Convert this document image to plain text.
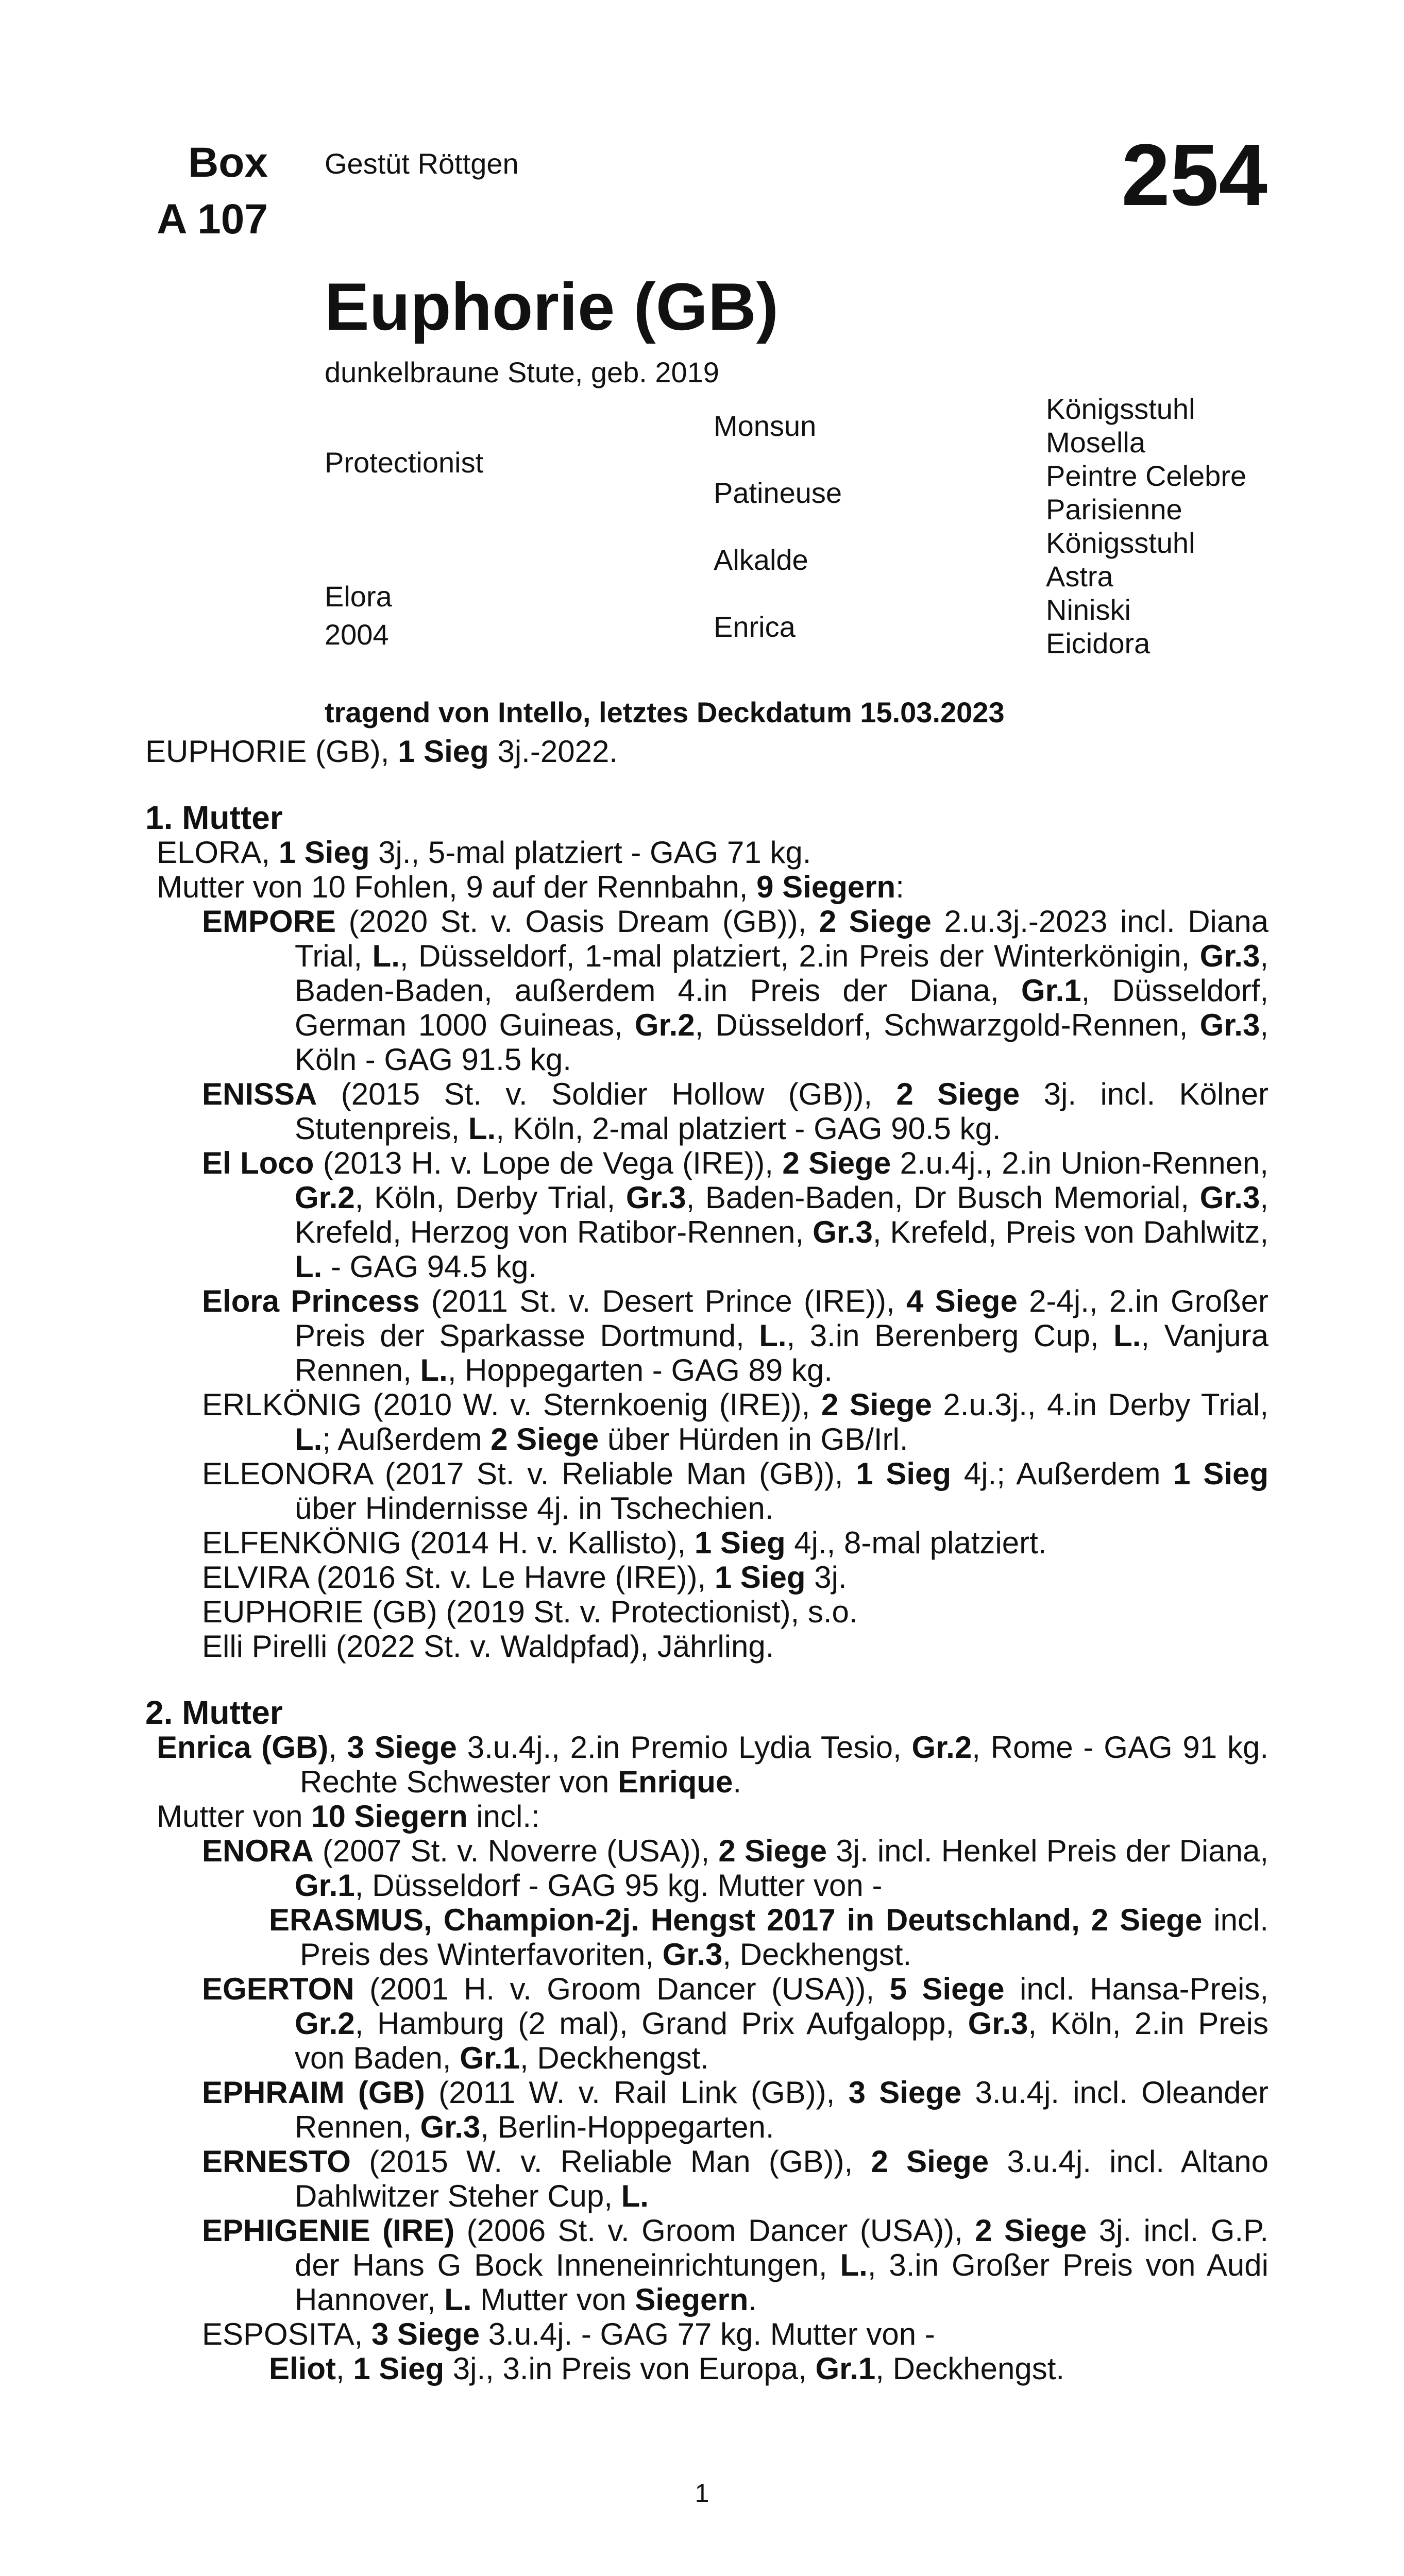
Box
A 107
Gestüt Röttgen	254
Euphorie (GB)
dunkelbraune Stute, geb. 2019
Protectionist
Elora
2004
Monsun
Patineuse
Alkalde
Enrica
Königsstuhl
Mosella
Peintre Celebre
Parisienne
Königsstuhl
Astra
Niniski
Eicidora
tragend von Intello, letztes Deckdatum 15.03.2023
EUPHORIE (GB), 1 Sieg 3j.-2022.
1. Mutter
ELORA, 1 Sieg 3j., 5-mal platziert - GAG 71 kg.
Mutter von 10 Fohlen, 9 auf der Rennbahn, 9 Siegern:
EMPORE (2020 St. v. Oasis Dream (GB)), 2 Siege 2.u.3j.-2023 incl. Diana Trial, L., Düsseldorf, 1-mal platziert, 2.in Preis der Winterkönigin, Gr.3, Baden-Baden, außerdem 4.in Preis der Diana, Gr.1, Düsseldorf, German 1000 Guineas, Gr.2, Düsseldorf, Schwarzgold-Rennen, Gr.3, Köln - GAG 91.5 kg.
ENISSA (2015 St. v. Soldier Hollow (GB)), 2 Siege 3j. incl. Kölner Stutenpreis, L., Köln, 2-mal platziert - GAG 90.5 kg.
El Loco (2013 H. v. Lope de Vega (IRE)), 2 Siege 2.u.4j., 2.in Union-Rennen, Gr.2, Köln, Derby Trial, Gr.3, Baden-Baden, Dr Busch Memorial, Gr.3, Krefeld, Herzog von Ratibor-Rennen, Gr.3, Krefeld, Preis von Dahlwitz, L. - GAG 94.5 kg.
Elora Princess (2011 St. v. Desert Prince (IRE)), 4 Siege 2-4j., 2.in Großer Preis der Sparkasse Dortmund, L., 3.in Berenberg Cup, L., Vanjura Rennen, L., Hoppegarten - GAG 89 kg.
ERLKÖNIG (2010 W. v. Sternkoenig (IRE)), 2 Siege 2.u.3j., 4.in Derby Trial, L.; Außerdem 2 Siege über Hürden in GB/Irl.
ELEONORA (2017 St. v. Reliable Man (GB)), 1 Sieg 4j.; Außerdem 1 Sieg über Hindernisse 4j. in Tschechien.
ELFENKÖNIG (2014 H. v. Kallisto), 1 Sieg 4j., 8-mal platziert.
ELVIRA (2016 St. v. Le Havre (IRE)), 1 Sieg 3j.
EUPHORIE (GB) (2019 St. v. Protectionist), s.o.
Elli Pirelli (2022 St. v. Waldpfad), Jährling.
2. Mutter
Enrica (GB), 3 Siege 3.u.4j., 2.in Premio Lydia Tesio, Gr.2, Rome - GAG 91 kg. Rechte Schwester von Enrique.
Mutter von 10 Siegern incl.:
ENORA (2007 St. v. Noverre (USA)), 2 Siege 3j. incl. Henkel Preis der Diana, Gr.1, Düsseldorf - GAG 95 kg. Mutter von -
ERASMUS, Champion-2j. Hengst 2017 in Deutschland, 2 Siege incl. Preis des Winterfavoriten, Gr.3, Deckhengst.
EGERTON (2001 H. v. Groom Dancer (USA)), 5 Siege incl. Hansa-Preis, Gr.2, Hamburg (2 mal), Grand Prix Aufgalopp, Gr.3, Köln, 2.in Preis von Baden, Gr.1, Deckhengst.
EPHRAIM (GB) (2011 W. v. Rail Link (GB)), 3 Siege 3.u.4j. incl. Oleander Rennen, Gr.3, Berlin-Hoppegarten.
ERNESTO (2015 W. v. Reliable Man (GB)), 2 Siege 3.u.4j. incl. Altano Dahlwitzer Steher Cup, L.
EPHIGENIE (IRE) (2006 St. v. Groom Dancer (USA)), 2 Siege 3j. incl. G.P. der Hans G Bock Inneneinrichtungen, L., 3.in Großer Preis von Audi Hannover, L. Mutter von Siegern.
ESPOSITA, 3 Siege 3.u.4j. - GAG 77 kg. Mutter von -
Eliot, 1 Sieg 3j., 3.in Preis von Europa, Gr.1, Deckhengst.
1
